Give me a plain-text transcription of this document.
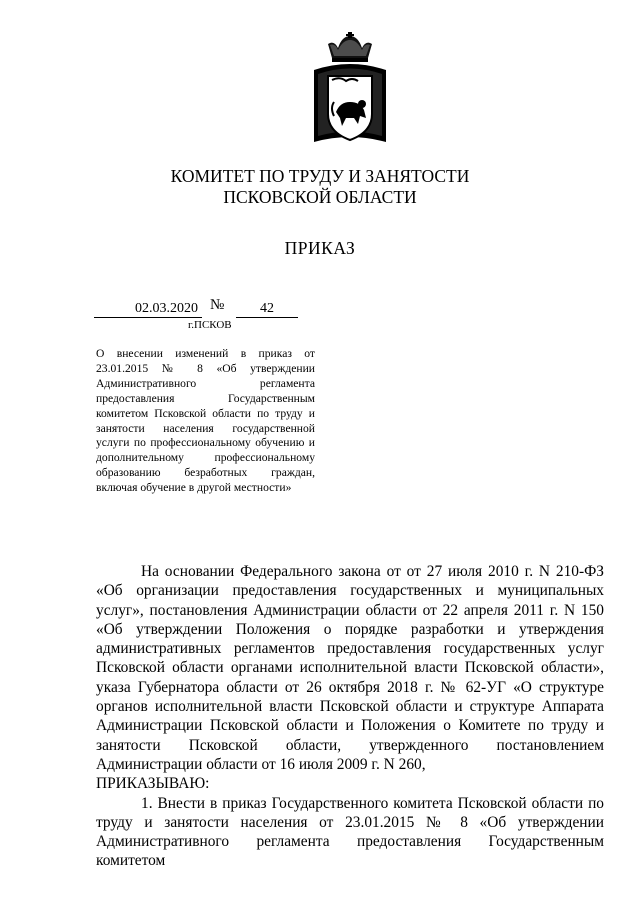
КОМИТЕТ ПО ТРУДУ И ЗАНЯТОСТИ
ПСКОВСКОЙ ОБЛАСТИ
ПРИКАЗ
02.03.2020 №	42
г.ПСКОВ
О внесении изменений в приказ от 23.01.2015 № 8 «Об утверждении Административного регламента предоставления Государственным комитетом Псковской области по труду и занятости населения государственной услуги по профессиональному обучению и дополнительному профессиональному образованию безработных граждан, включая обучение в другой местности»

На основании Федерального закона от от 27 июля 2010 г. N 210-ФЗ «Об организации предоставления государственных и муниципальных услуг», постановления Администрации области от 22 апреля 2011 г. N 150 «Об утверждении Положения о порядке разработки и утверждения административных регламентов предоставления государственных услуг Псковской области органами исполнительной власти Псковской области», указа Губернатора области от 26 октября 2018 г. № 62-УГ «О структуре органов исполнительной власти Псковской области и структуре Аппарата Администрации Псковской области и Положения о Комитете по труду и занятости Псковской области, утвержденного постановлением Администрации области от 16 июля 2009 г. N 260,

ПРИКАЗЫВАЮ:

1. Внести в приказ Государственного комитета Псковской области по труду и занятости населения от 23.01.2015 № 8 «Об утверждении Административного регламента предоставления Государственным комитетом
